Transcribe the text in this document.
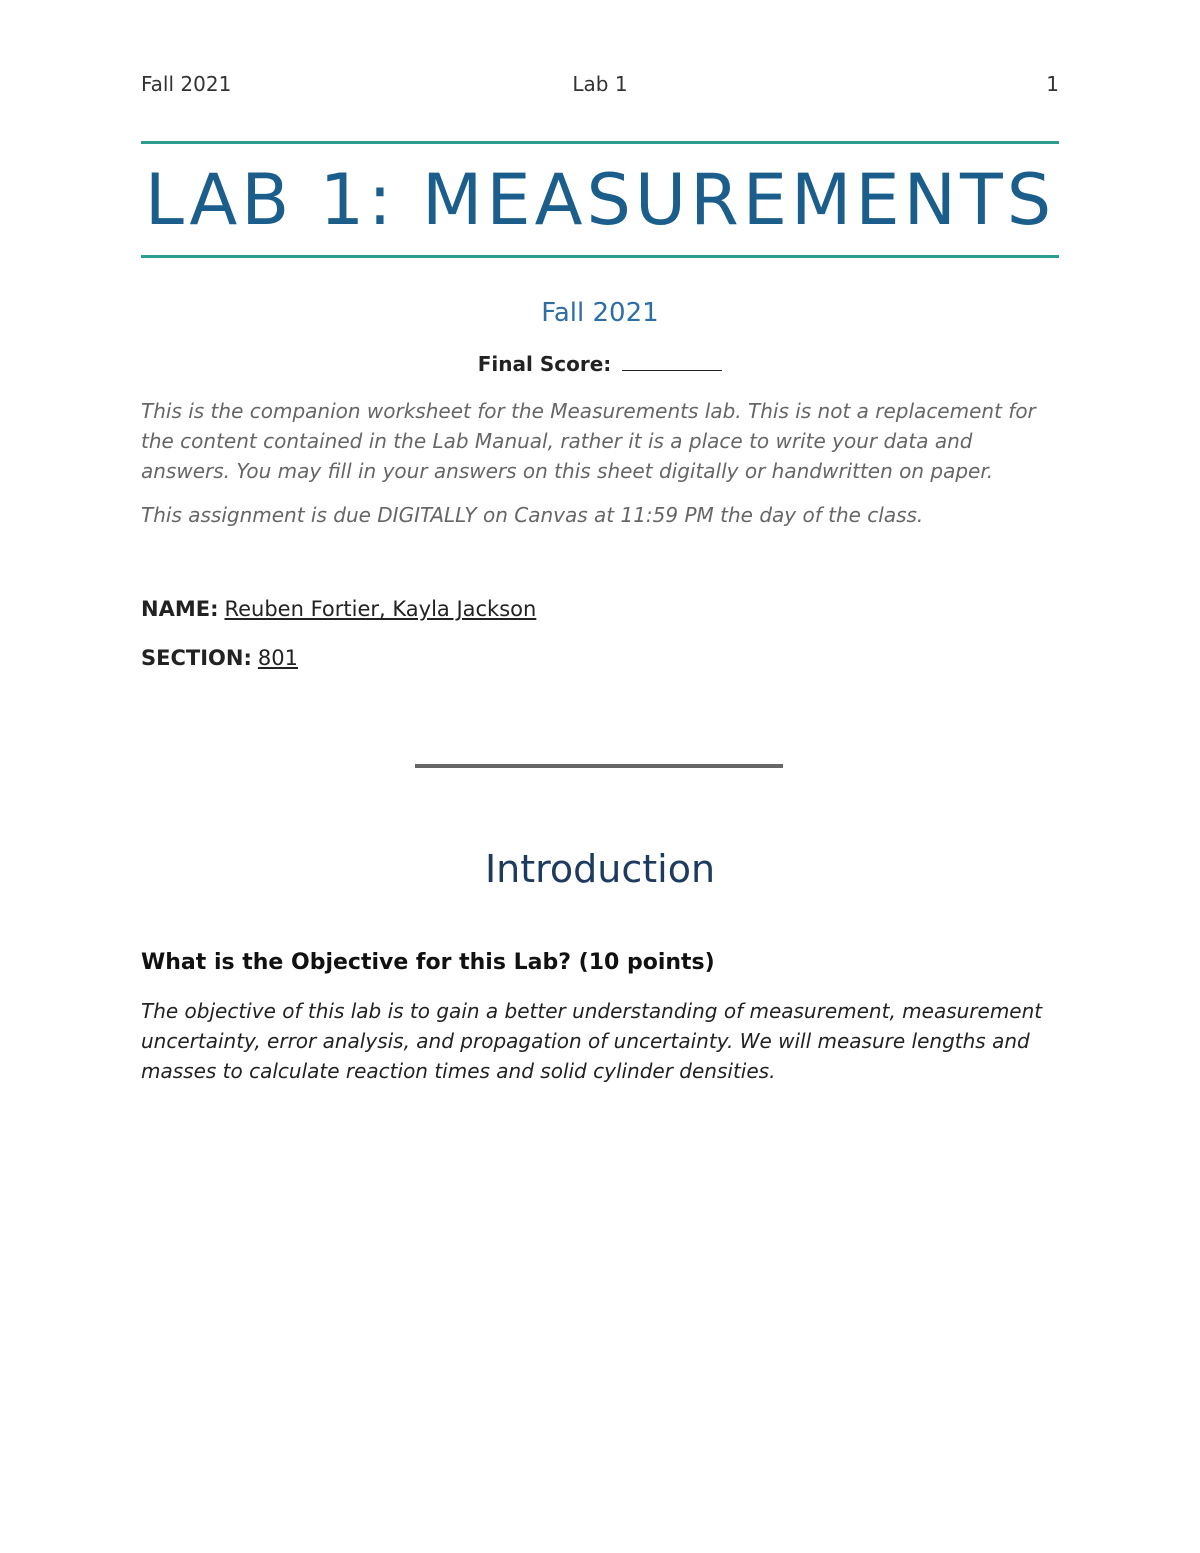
Fall 2021	Lab 1	1
LAB 1: MEASUREMENTS
Fall 2021
Final Score:

This is the companion worksheet for the Measurements lab. This is not a replacement for the content contained in the Lab Manual, rather it is a place to write your data and answers. You may fill in your answers on this sheet digitally or handwritten on paper.

This assignment is due DIGITALLY on Canvas at 11:59 PM the day of the class.

NAME: Reuben Fortier, Kayla Jackson
SECTION: 801
Introduction

What is the Objective for this Lab? (10 points)

The objective of this lab is to gain a better understanding of measurement, measurement uncertainty, error analysis, and propagation of uncertainty. We will measure lengths and masses to calculate reaction times and solid cylinder densities.
